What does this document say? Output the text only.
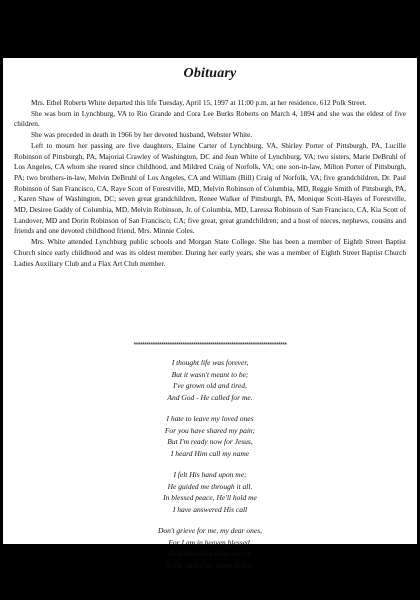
Obituary

Mrs. Ethel Roberts White departed this life Tuesday, April 15, 1997 at 11:00 p.m. at her residence, 612 Polk Street.

She was born in Lynchburg, VA to Rio Grande and Cora Lee Burks Roberts on March 4, 1894 and she was the eldest of five children.

She was preceded in death in 1966 by her devoted husband, Webster White.

Left to mourn her passing are five daughters, Elaine Carter of Lynchburg, VA, Shirley Porter of Pittsburgh, PA, Lucille Robinson of Pittsburgh, PA, Majorial Crawley of Washington, DC and Jean White of Lynchburg, VA; two sisters, Marie DeBruhl of Los Angeles, CA whom she reared since childhood, and Mildred Craig of Norfolk, VA; one son-in-law, Milton Porter of Pittsburgh, PA; two brothers-in-law, Melvin DeBruhl of Los Angeles, CA and William (Bill) Craig of Norfolk, VA; five grandchildren, Dr. Paul Robinson of San Francisco, CA, Raye Scott of Forestville, MD, Melvin Robinson of Columbia, MD, Reggie Smith of Pittsburgh, PA, , Karen Shaw of Washington, DC; seven great grandchildren, Renee Walker of Pittsburgh, PA, Monique Scott-Hayes of Forestville, MD, Desiree Gaddy of Columbia, MD, Melvin Robinson, Jr. of Columbia, MD, Laressa Robinson of San Francisco, CA, Kia Scott of Landover, MD and Dorin Robinson of San Francisco, CA; five great, great grandchildren; and a host of nieces, nephews, cousins and friends and one devoted childhood friend, Mrs. Minnie Coles.

Mrs. White attended Lynchburg public schools and Morgan State College. She has been a member of Eighth Street Baptist Church since early childhood and was its oldest member. During her early years, she was a member of Eighth Street Baptist Church Ladies Auxiliary Club and a Flax Art Club member.

************************************************************************
I thought life was forever,
But it wasn't meant to be;
I've grown old and tired,
And God - He called for me.
I hate to leave my loved ones
For you have shared my pain;
But I'm ready now for Jesus,
I heard Him call my name
I felt His hand upon me;
He guided me through it all.
In blessed peace, He'll hold me
I have answered His call
Don't grieve for me, my dear ones,
For I am in heaven blessed.
God knew that I was weary
So He called me home to rest.
